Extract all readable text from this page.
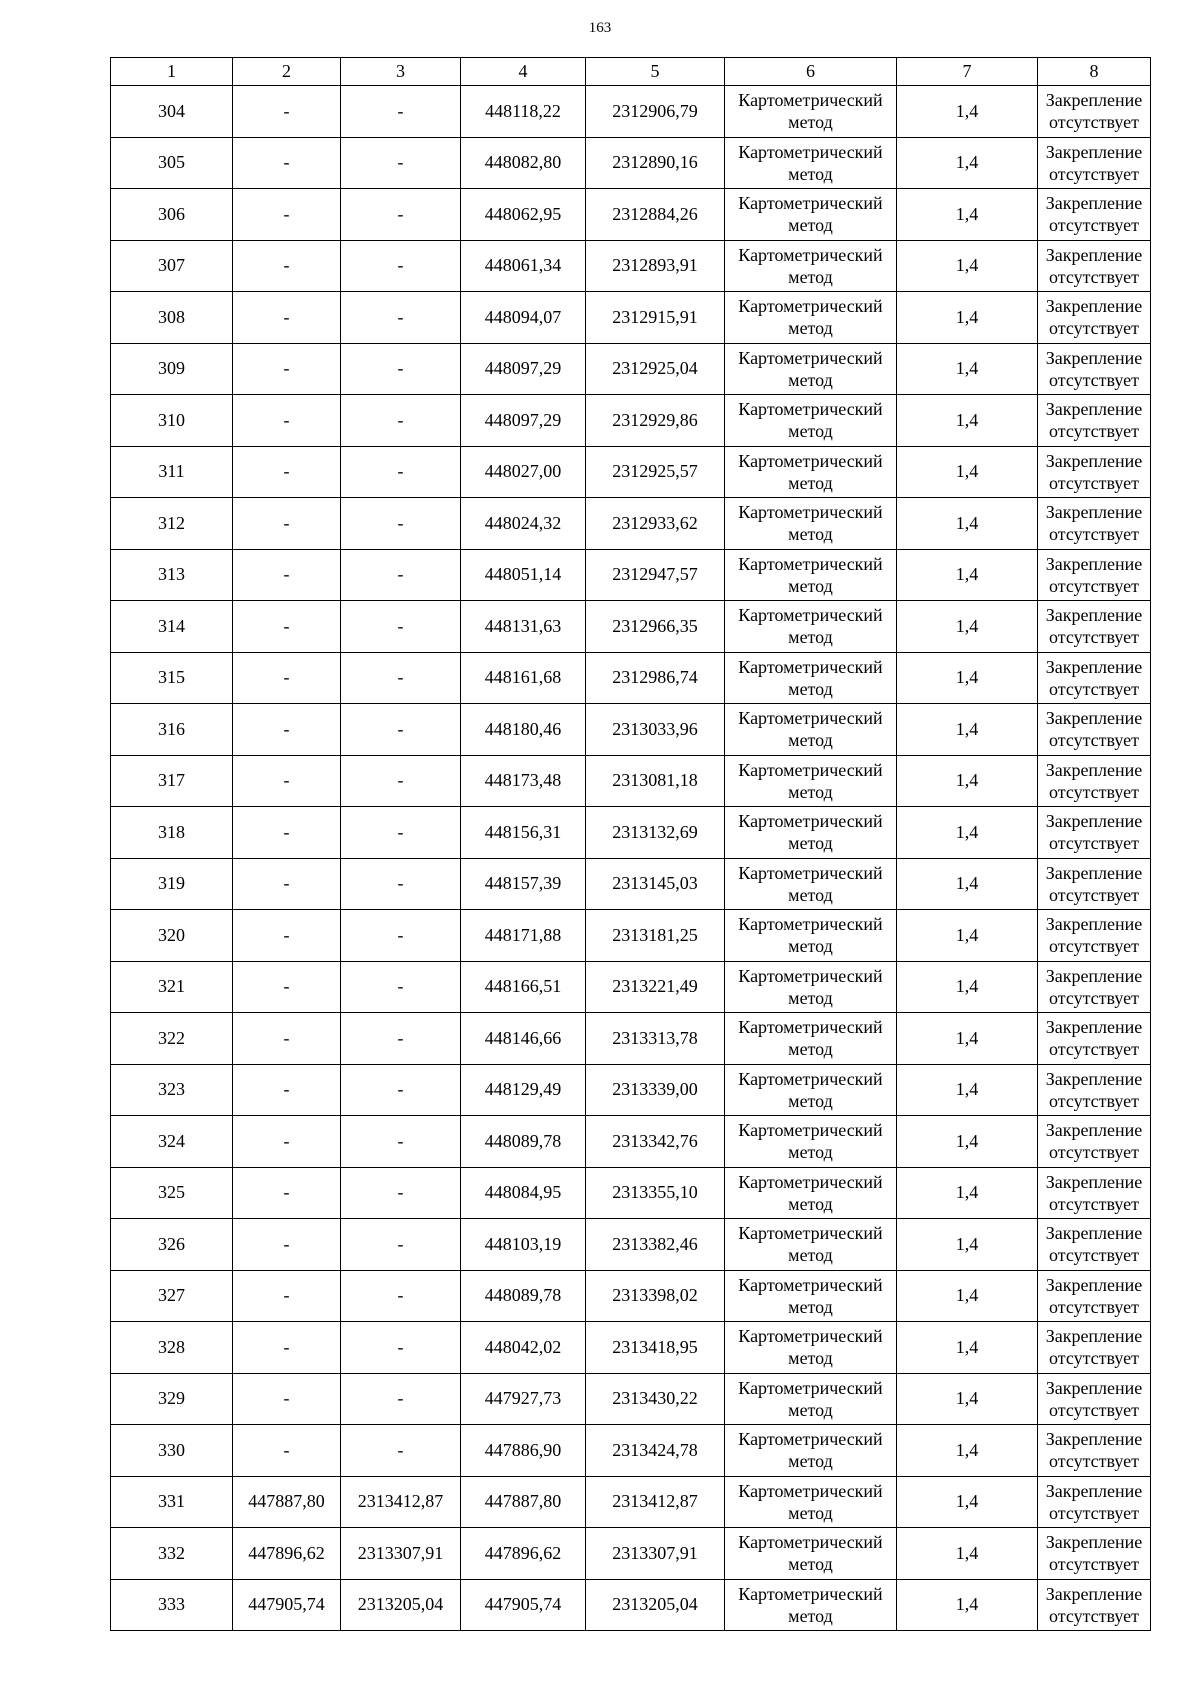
163
1	2	3	4	5	6	7	8
304	-	-	448118,22	2312906,79	Картометрический метод	1,4	Закрепление отсутствует
305	-	-	448082,80	2312890,16	Картометрический метод	1,4	Закрепление отсутствует
306	-	-	448062,95	2312884,26	Картометрический метод	1,4	Закрепление отсутствует
307	-	-	448061,34	2312893,91	Картометрический метод	1,4	Закрепление отсутствует
308	-	-	448094,07	2312915,91	Картометрический метод	1,4	Закрепление отсутствует
309	-	-	448097,29	2312925,04	Картометрический метод	1,4	Закрепление отсутствует
310	-	-	448097,29	2312929,86	Картометрический метод	1,4	Закрепление отсутствует
311	-	-	448027,00	2312925,57	Картометрический метод	1,4	Закрепление отсутствует
312	-	-	448024,32	2312933,62	Картометрический метод	1,4	Закрепление отсутствует
313	-	-	448051,14	2312947,57	Картометрический метод	1,4	Закрепление отсутствует
314	-	-	448131,63	2312966,35	Картометрический метод	1,4	Закрепление отсутствует
315	-	-	448161,68	2312986,74	Картометрический метод	1,4	Закрепление отсутствует
316	-	-	448180,46	2313033,96	Картометрический метод	1,4	Закрепление отсутствует
317	-	-	448173,48	2313081,18	Картометрический метод	1,4	Закрепление отсутствует
318	-	-	448156,31	2313132,69	Картометрический метод	1,4	Закрепление отсутствует
319	-	-	448157,39	2313145,03	Картометрический метод	1,4	Закрепление отсутствует
320	-	-	448171,88	2313181,25	Картометрический метод	1,4	Закрепление отсутствует
321	-	-	448166,51	2313221,49	Картометрический метод	1,4	Закрепление отсутствует
322	-	-	448146,66	2313313,78	Картометрический метод	1,4	Закрепление отсутствует
323	-	-	448129,49	2313339,00	Картометрический метод	1,4	Закрепление отсутствует
324	-	-	448089,78	2313342,76	Картометрический метод	1,4	Закрепление отсутствует
325	-	-	448084,95	2313355,10	Картометрический метод	1,4	Закрепление отсутствует
326	-	-	448103,19	2313382,46	Картометрический метод	1,4	Закрепление отсутствует
327	-	-	448089,78	2313398,02	Картометрический метод	1,4	Закрепление отсутствует
328	-	-	448042,02	2313418,95	Картометрический метод	1,4	Закрепление отсутствует
329	-	-	447927,73	2313430,22	Картометрический метод	1,4	Закрепление отсутствует
330	-	-	447886,90	2313424,78	Картометрический метод	1,4	Закрепление отсутствует
331	447887,80	2313412,87	447887,80	2313412,87	Картометрический метод	1,4	Закрепление отсутствует
332	447896,62	2313307,91	447896,62	2313307,91	Картометрический метод	1,4	Закрепление отсутствует
333	447905,74	2313205,04	447905,74	2313205,04	Картометрический метод	1,4	Закрепление отсутствует
